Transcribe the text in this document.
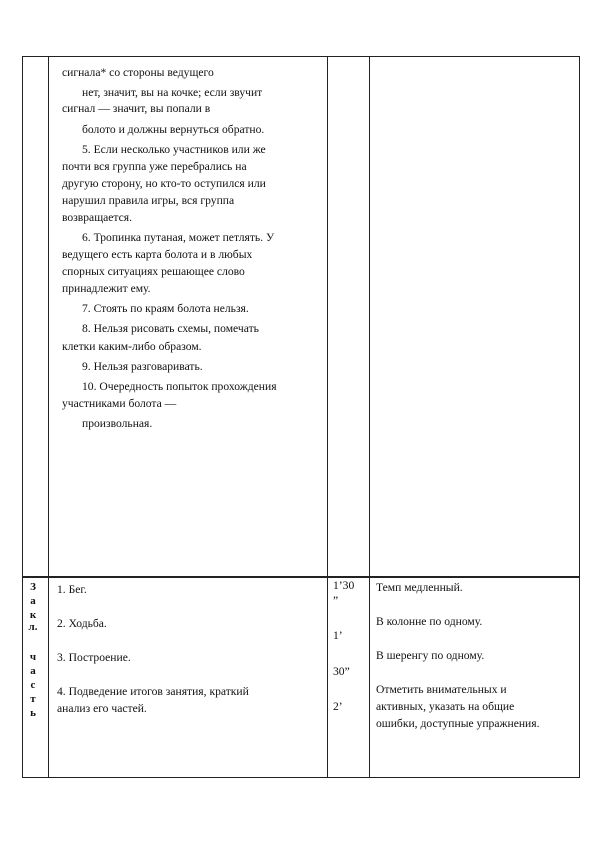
сигнала* со стороны ведущего
нет, значит, вы на кочке; если звучит
сигнал — значит, вы попали в
болото и должны вернуться обратно.
5. Если несколько участников или же
почти вся группа уже перебрались на
другую сторону, но кто-то оступился или
нарушил правила игры, вся группа
возвращается.
6. Тропинка путаная, может петлять. У
ведущего есть карта болота и в любых
спорных ситуациях решающее слово
принадлежит ему.
7. Стоять по краям болота нельзя.
8. Нельзя рисовать схемы, помечать
клетки каким-либо образом.
9. Нельзя разговаривать.
10. Очередность попыток прохождения
участниками болота —
произвольная.
З
а
к
л.
ч
а
с
т
ь
1. Бег.
2. Ходьба.
3. Построение.
4. Подведение итогов занятия, краткий
анализ его частей.
1’30
”
1’
30”
2’
Темп медленный.
В колонне по одному.
В шеренгу по одному.
Отметить внимательных и
активных, указать на общие
ошибки, доступные упражнения.
